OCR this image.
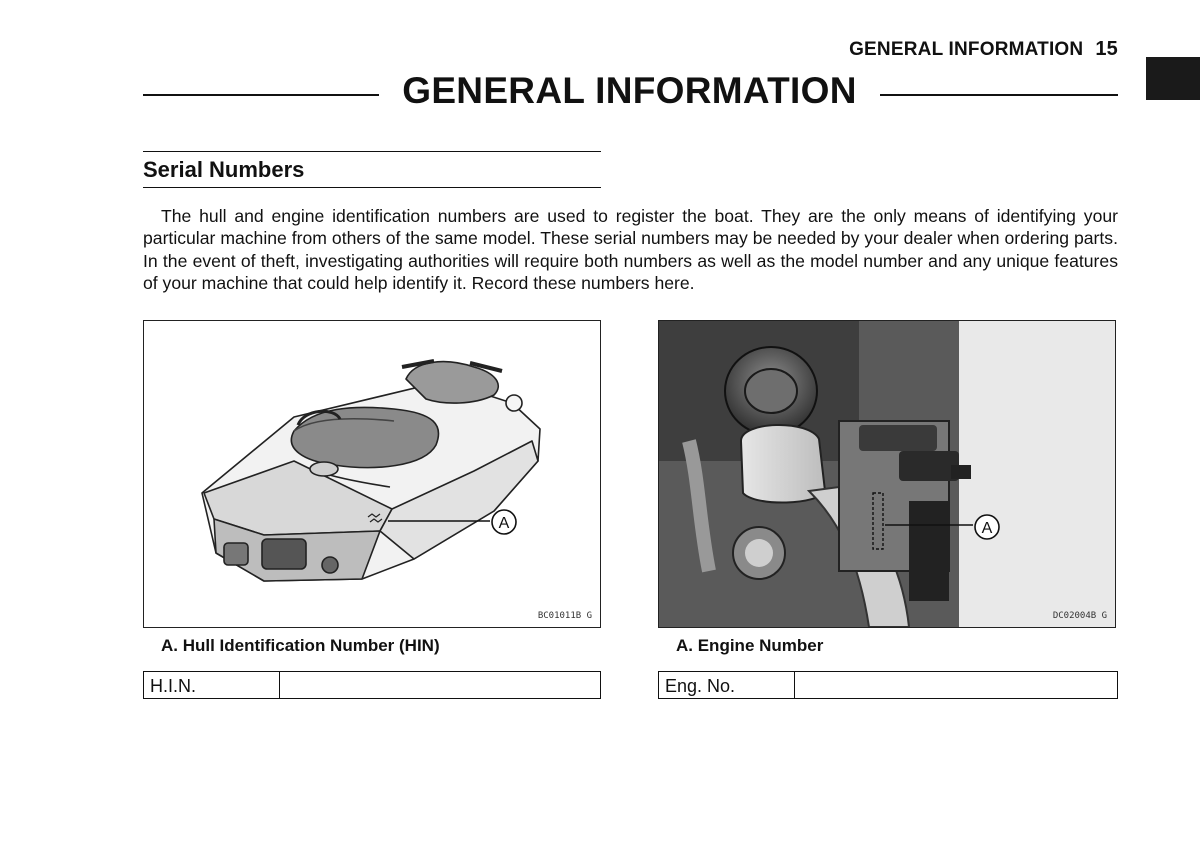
GENERAL INFORMATION 15
GENERAL INFORMATION
Serial Numbers

The hull and engine identification numbers are used to register the boat. They are the only means of identifying your particular machine from others of the same model. These serial numbers may be needed by your dealer when ordering parts. In the event of theft, investigating authorities will require both numbers as well as the model number and any unique features of your machine that could help identify it. Record these numbers here.

A
BC01011B G
A
DC02004B G
A. Hull Identification Number (HIN)	A. Engine Number
H.I.N.	Eng. No.
